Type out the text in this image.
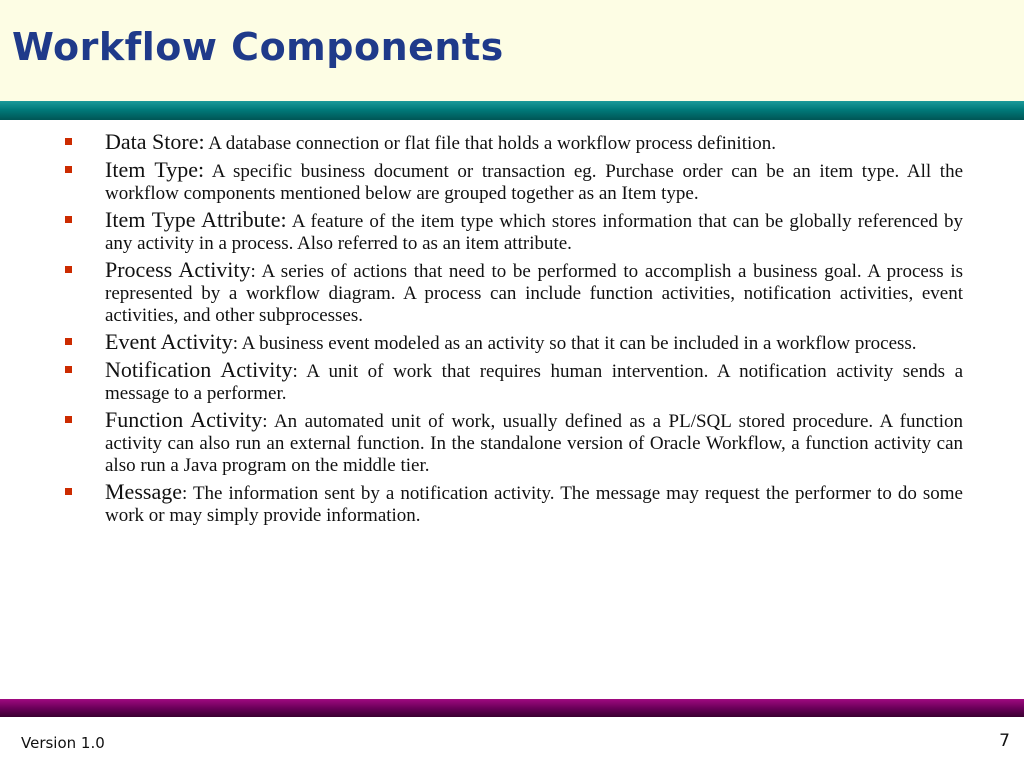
Workflow Components
Data Store: A database connection or flat file that holds a workflow process definition.
Item Type: A specific business document or transaction eg. Purchase order can be an item type. All the workflow components mentioned below are grouped together as an Item type.
Item Type Attribute: A feature of the item type which stores information that can be globally referenced by any activity in a process. Also referred to as an item attribute.
Process Activity: A series of actions that need to be performed to accomplish a business goal. A process is represented by a workflow diagram. A process can include function activities, notification activities, event activities, and other subprocesses.
Event Activity: A business event modeled as an activity so that it can be included in a workflow process.
Notification Activity: A unit of work that requires human intervention. A notification activity sends a message to a performer.
Function Activity: An automated unit of work, usually defined as a PL/SQL stored procedure. A function activity can also run an external function. In the standalone version of Oracle Workflow, a function activity can also run a Java program on the middle tier.
Message: The information sent by a notification activity. The message may request the performer to do some work or may simply provide information.
Version 1.0	7
